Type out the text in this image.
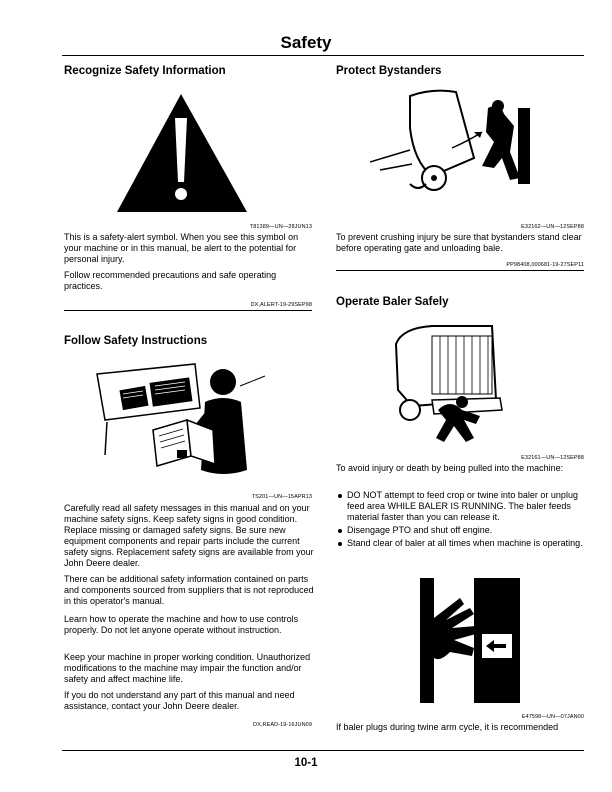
Safety
Recognize Safety Information
T81389—UN—28JUN13

This is a safety-alert symbol. When you see this symbol on your machine or in this manual, be alert to the potential for personal injury.

Follow recommended precautions and safe operating practices.

DX,ALERT-19-29SEP98
Follow Safety Instructions
TS201—UN—15APR13

Carefully read all safety messages in this manual and on your machine safety signs. Keep safety signs in good condition. Replace missing or damaged safety signs. Be sure new equipment components and repair parts include the current safety signs. Replacement safety signs are available from your John Deere dealer.

There can be additional safety information contained on parts and components sourced from suppliers that is not reproduced in this operator's manual.

Learn how to operate the machine and how to use controls properly. Do not let anyone operate without instruction.

Keep your machine in proper working condition. Unauthorized modifications to the machine may impair the function and/or safety and affect machine life.

If you do not understand any part of this manual and need assistance, contact your John Deere dealer.

DX,READ-19-16JUN09
Protect Bystanders
E32162—UN—12SEP88

To prevent crushing injury be sure that bystanders stand clear before operating gate and unloading bale.

PP98408,000681-19-27SEP11
Operate Baler Safely
E32161—UN—12SEP88

To avoid injury or death by being pulled into the machine:

DO NOT attempt to feed crop or twine into baler or unplug feed area WHILE BALER IS RUNNING. The baler feeds material faster than you can release it.
Disengage PTO and shut off engine.
Stand clear of baler at all times when machine is operating.
E47598—UN—07JAN00

If baler plugs during twine arm cycle, it is recommended

10-1
